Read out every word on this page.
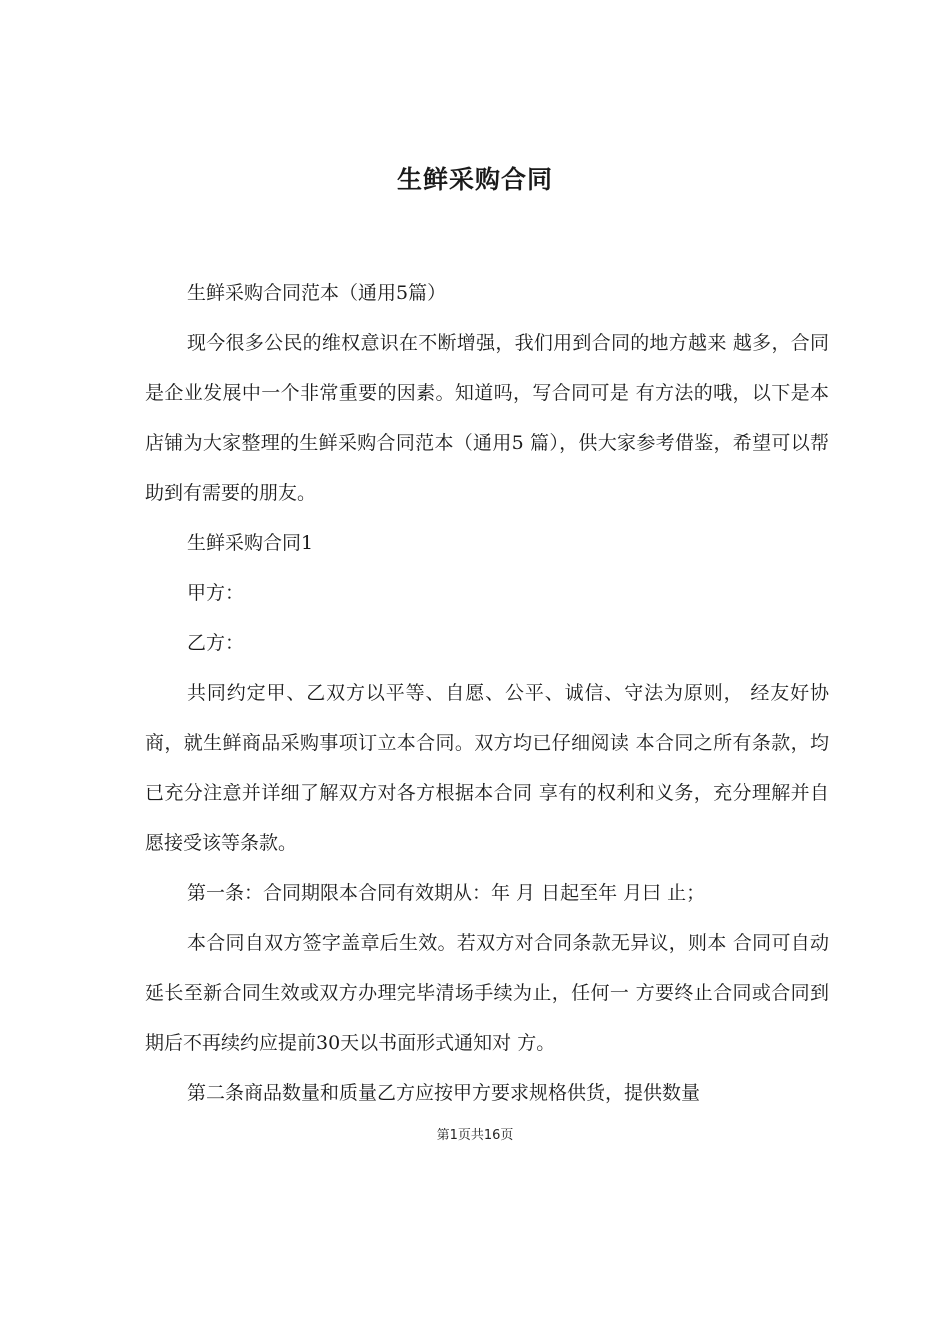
生鲜采购合同

生鲜采购合同范本（通用5篇）

现今很多公民的维权意识在不断增强，我们用到合同的地方越来 越多，合同是企业发展中一个非常重要的因素。知道吗，写合同可是 有方法的哦，以下是本店铺为大家整理的生鲜采购合同范本（通用5 篇），供大家参考借鉴，希望可以帮助到有需要的朋友。

生鲜采购合同1

甲方：

乙方：

共同约定甲、乙双方以平等、自愿、公平、诚信、守法为原则， 经友好协商，就生鲜商品采购事项订立本合同。双方均已仔细阅读 本合同之所有条款，均已充分注意并详细了解双方对各方根据本合同 享有的权利和义务，充分理解并自愿接受该等条款。

第一条：合同期限本合同有效期从：年 月 日起至年 月曰 止；

本合同自双方签字盖章后生效。若双方对合同条款无异议，则本 合同可自动延长至新合同生效或双方办理完毕清场手续为止，任何一 方要终止合同或合同到期后不再续约应提前30天以书面形式通知对 方。

第二条商品数量和质量乙方应按甲方要求规格供货，提供数量

第1页共16页
